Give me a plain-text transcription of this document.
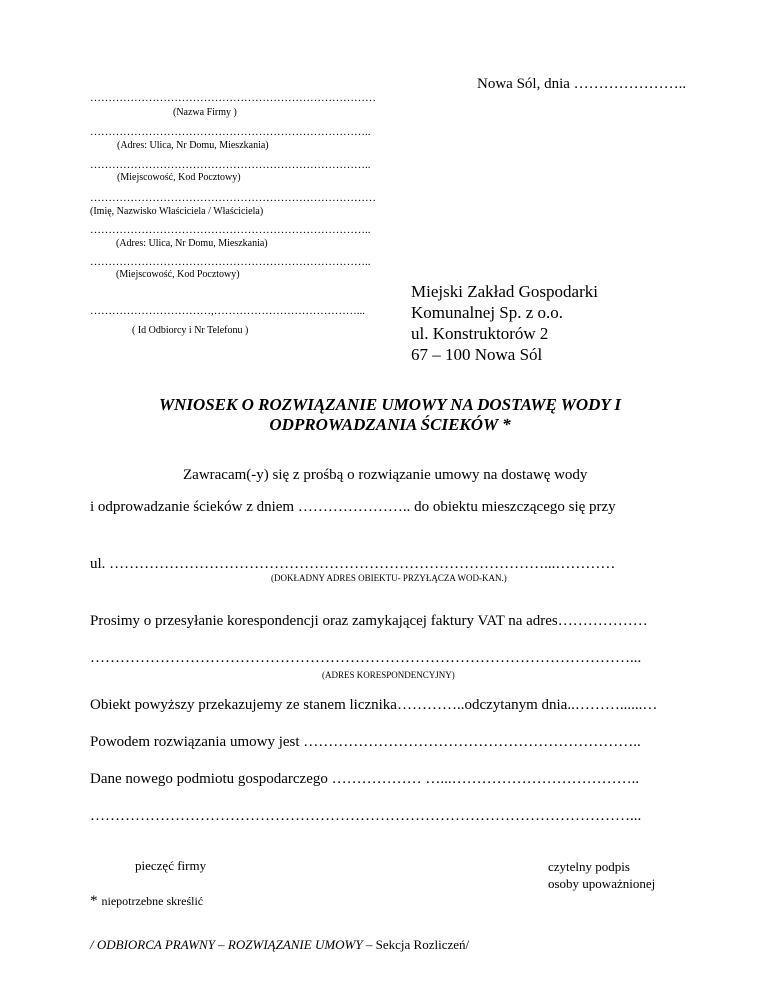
Nowa Sól, dnia …………………..
……………………………………………………………………
(Nazwa Firmy )
…………………………………………………………………..
(Adres: Ulica, Nr Domu, Mieszkania)
…………………………………………………………………..
(Miejscowość, Kod Pocztowy)
……………………………………………………………………
(Imię, Nazwisko Właściciela / Właściciela)
…………………………………………………………………..
(Adres: Ulica, Nr Domu, Mieszkania)
…………………………………………………………………..
(Miejscowość, Kod Pocztowy)
……………………………,…………………………………...
( Id Odbiorcy i Nr Telefonu )
Miejski Zakład Gospodarki
Komunalnej Sp. z o.o.
ul. Konstruktorów 2
67 – 100 Nowa Sól
WNIOSEK O ROZWIĄZANIE UMOWY NA DOSTAWĘ WODY I
ODPROWADZANIA ŚCIEKÓW *
Zawracam(-y) się z prośbą o rozwiązanie umowy na dostawę wody
i odprowadzanie ścieków z dniem ………………….. do obiektu mieszczącego się przy
ul. ……………………………………………………………………………...…………
(DOKŁADNY ADRES OBIEKTU- PRZYŁĄCZA WOD-KAN.)
Prosimy o przesyłanie korespondencji oraz zamykającej faktury VAT na adres………………
………………………………………………………………………………………………...
(ADRES KORESPONDENCYJNY)
Obiekt powyższy przekazujemy ze stanem licznika…………..odczytanym dnia..………......…
Powodem rozwiązania umowy jest …………………………………………………………..
Dane nowego podmiotu gospodarczego ……………… …...………………………………..
………………………………………………………………………………………………...
pieczęć firmy	czytelny podpis
osoby upoważnionej
* niepotrzebne skreślić
/ ODBIORCA PRAWNY – ROZWIĄZANIE UMOWY – Sekcja Rozliczeń/
